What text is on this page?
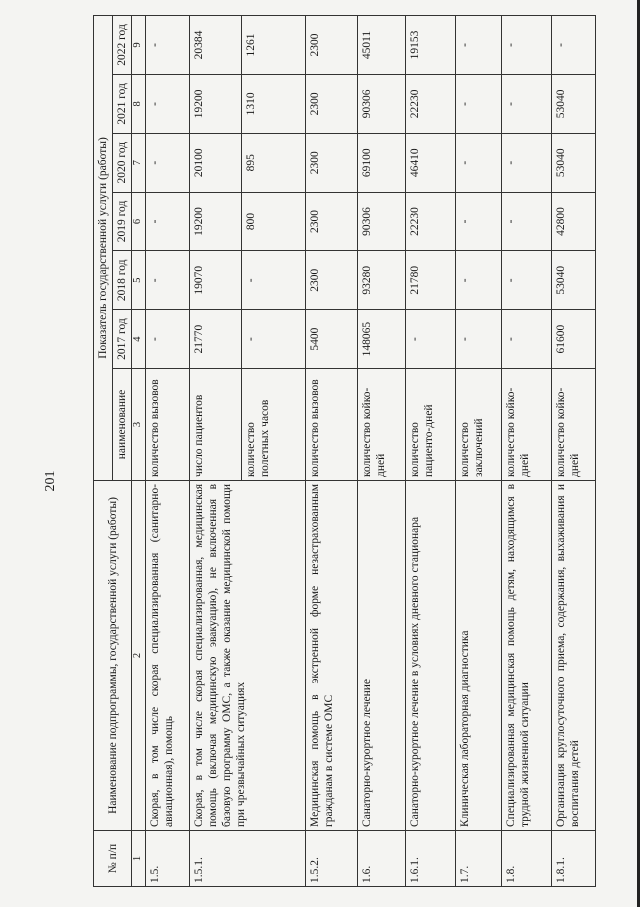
201
№ п/п	Наименование подпрограммы, государственной услуги (работы)	Показатель государственной услуги (работы)						
		наименование	2017 год	2018 год	2019 год	2020 год	2021 год	2022 год
1	2	3	4	5	6	7	8	9
1.5.	Скорая, в том числе скорая специализированная (санитарно-авиационная), помощь	количество вызовов	-	-	-	-	-	-
1.5.1.	Скорая, в том числе скорая специализированная, медицинская помощь (включая медицинскую эвакуацию), не включенная в базовую программу ОМС, а также оказание медицинской помощи при чрезвычайных ситуациях	число пациентов	21770	19070	19200	20100	19200	20384
		количество полетных часов	-	-	800	895	1310	1261
1.5.2.	Медицинская помощь в экстренной форме незастрахованным гражданам в системе ОМС	количество вызовов	5400	2300	2300	2300	2300	2300
1.6.	Санаторно-курортное лечение	количество койко-дней	148065	93280	90306	69100	90306	45011
1.6.1.	Санаторно-курортное лечение в условиях дневного стационара	количество пациенто-дней	-	21780	22230	46410	22230	19153
1.7.	Клиническая лабораторная диагностика	количество заключений	-	-	-	-	-	-
1.8.	Специализированная медицинская помощь детям, находящимся в трудной жизненной ситуации	количество койко-дней	-	-	-	-	-	-
1.8.1.	Организация круглосуточного приема, содержания, выхаживания и воспитания детей	количество койко-дней	61600	53040	42800	53040	53040	-
